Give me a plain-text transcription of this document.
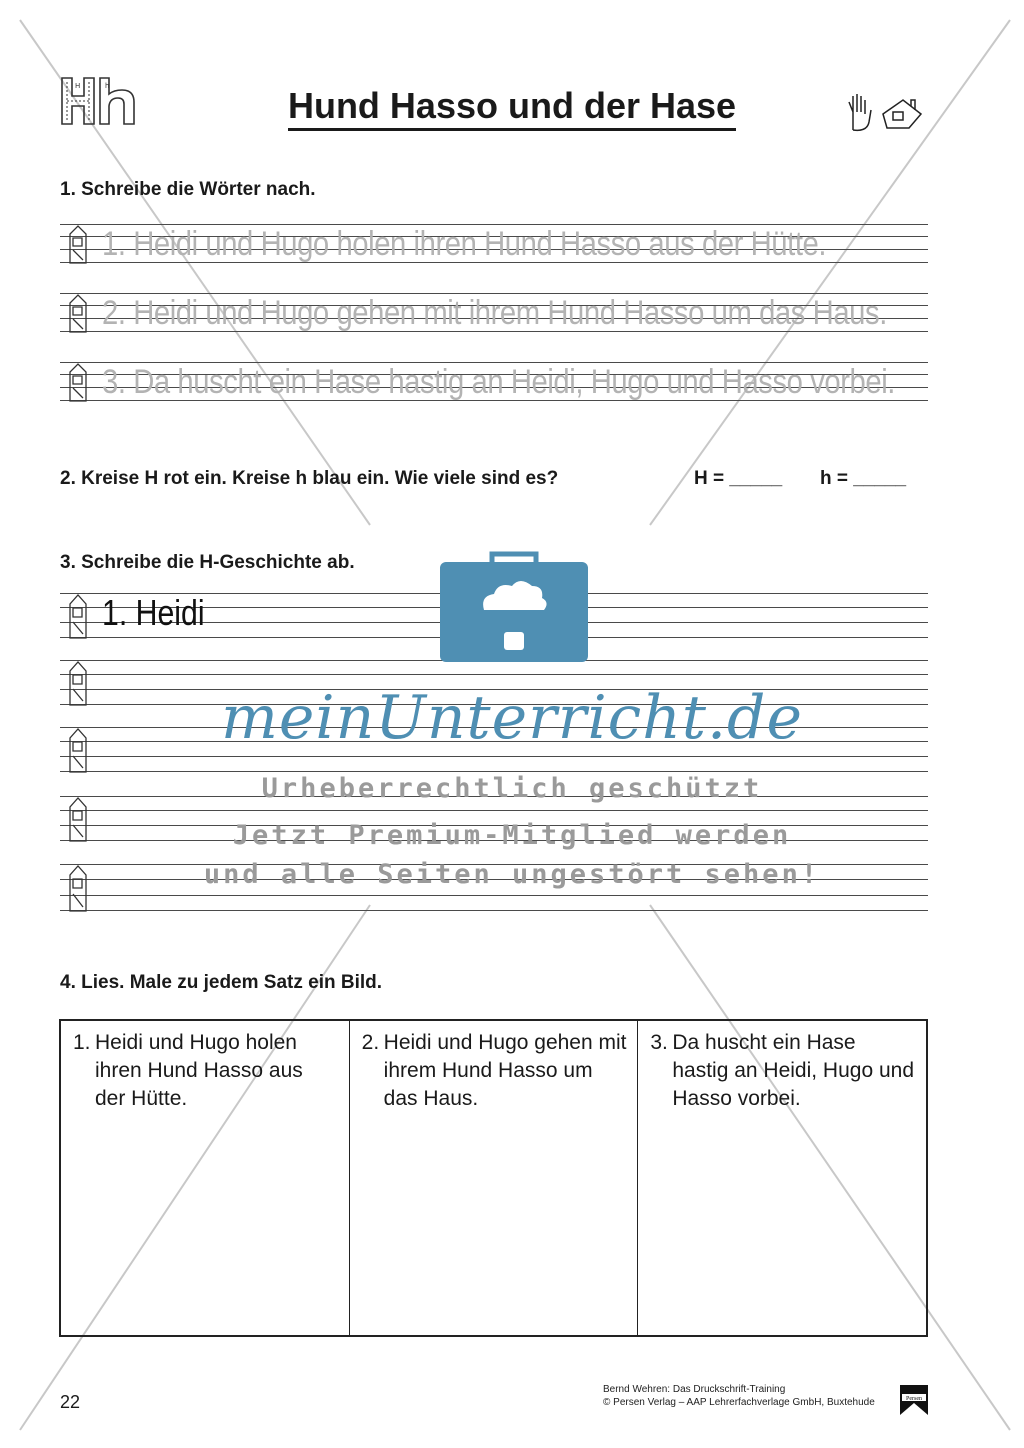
H	h	Hund Hasso und der Hase
1. Schreibe die Wörter nach.
1. Heidi und Hugo holen ihren Hund Hasso aus der Hütte.
2. Heidi und Hugo gehen mit ihrem Hund Hasso um das Haus.
3. Da huscht ein Hase hastig an Heidi, Hugo und Hasso vorbei.
2. Kreise H rot ein. Kreise h blau ein. Wie viele sind es?	H = _____ h = _____
3. Schreibe die H-Geschichte ab.
1. Heidi
4. Lies. Male zu jedem Satz ein Bild.
1. Heidi und Hugo holen ihren Hund Hasso aus der Hütte.
2. Heidi und Hugo gehen mit ihrem Hund Hasso um das Haus.
3. Da huscht ein Hase hastig an Heidi, Hugo und Hasso vorbei.
meinUnterricht.de
Urheberrechtlich geschützt
Jetzt Premium-Mitglied werden
und alle Seiten ungestört sehen!
22
Bernd Wehren: Das Druckschrift-Training
© Persen Verlag – AAP Lehrerfachverlage GmbH, Buxtehude	Persen
